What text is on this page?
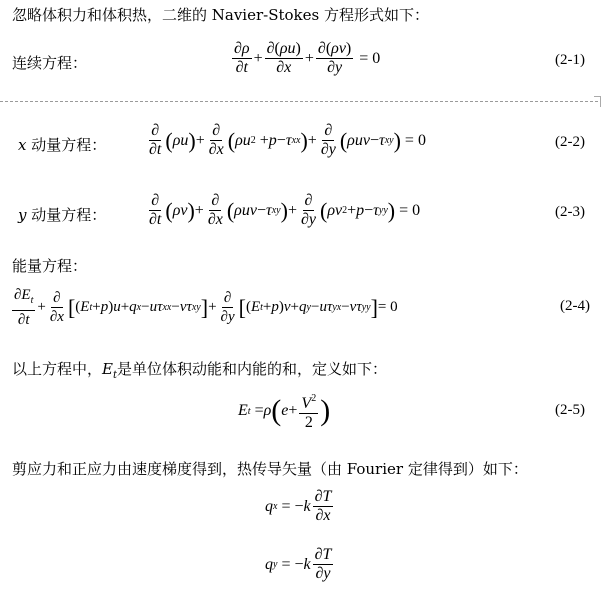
忽略体积力和体积热，二维的 Navier-Stokes 方程形式如下：
连续方程：	$\frac{\partial\rho}{\partial t} + \frac{\partial(\rho u)}{\partial x} + \frac{\partial(\rho v)}{\partial y} = 0$	(2-1)
x 动量方程：	$\frac{\partial}{\partial t}$ ( ρu ) + $\frac{\partial}{\partial x}$ ( ρu 2 + p − τ xx ) + $\frac{\partial}{\partial y}$ ( ρuv − τ xy ) = 0	(2-2)
y 动量方程：	$\frac{\partial}{\partial t}$ ( ρv ) + $\frac{\partial}{\partial x}$ ( ρuv − τ xy ) + $\frac{\partial}{\partial y}$ ( ρv 2 + p − τ yy ) = 0	(2-3)
能量方程：
$\frac{\partial E_t}{\partial t} + \frac{\partial}{\partial x}$ [ ( E t + p ) u + q x − uτ xx − vτ xy ] + $\frac{\partial}{\partial y}$ [ ( E t + p ) v + q y − uτ yx − vτ yy ] = 0	(2-4)
以上方程中，$E_t$是单位体积动能和内能的和，定义如下：
E t = ρ ( $e + \frac{V^2}{2}$ )	(2-5)
剪应力和正应力由速度梯度得到，热传导矢量（由 Fourier 定律得到）如下：
q x = − k $\frac{\partial T}{\partial x}$
q y = − k $\frac{\partial T}{\partial y}$
